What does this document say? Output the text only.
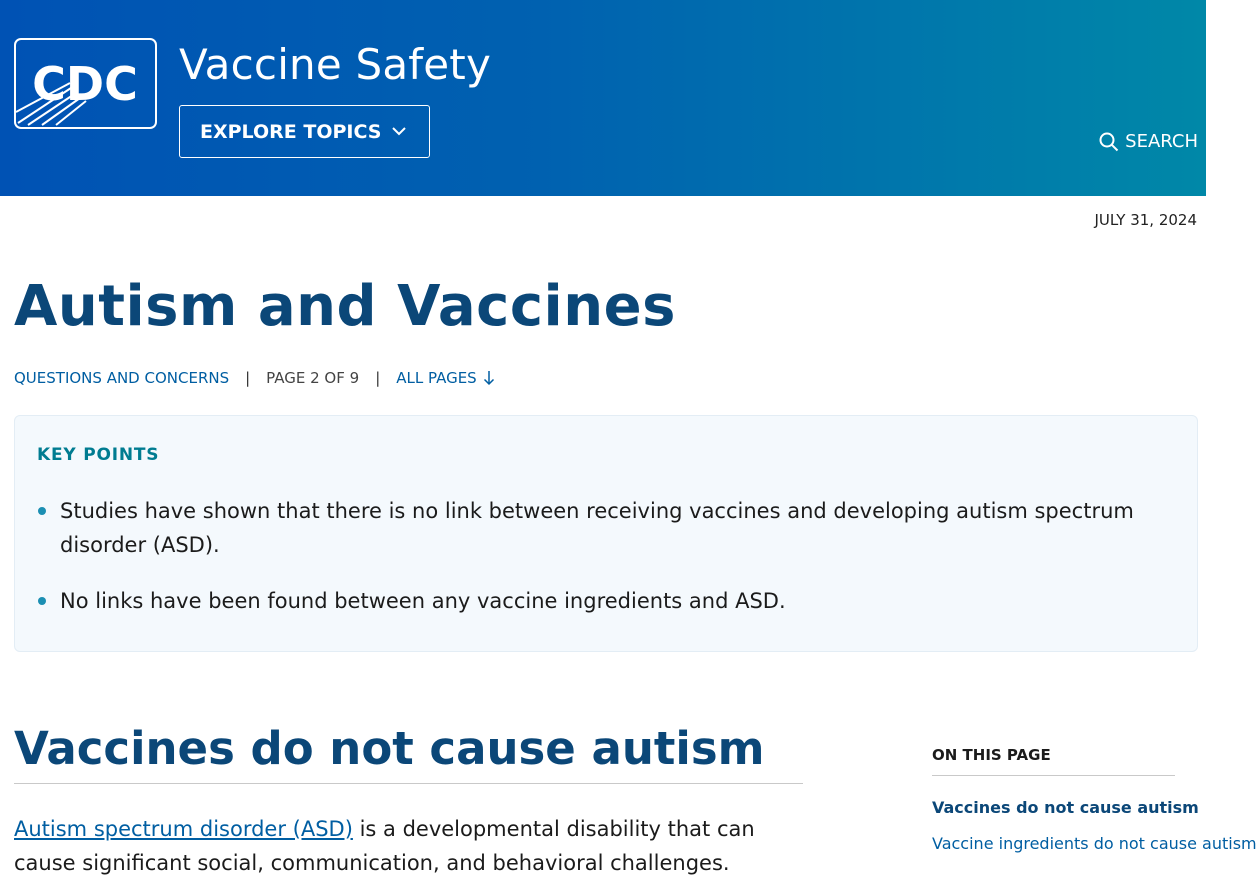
CDC Vaccine Safety
EXPLORE TOPICS	SEARCH
JULY 31, 2024
Autism and Vaccines
QUESTIONS AND CONCERNS | PAGE 2 OF 9 | ALL PAGES
KEY POINTS
Studies have shown that there is no link between receiving vaccines and developing autism spectrum disorder (ASD).
No links have been found between any vaccine ingredients and ASD.
Vaccines do not cause autism

Autism spectrum disorder (ASD) is a developmental disability that can cause significant social, communication, and behavioral challenges.

ON THIS PAGE
Vaccines do not cause autism
Vaccine ingredients do not cause autism
